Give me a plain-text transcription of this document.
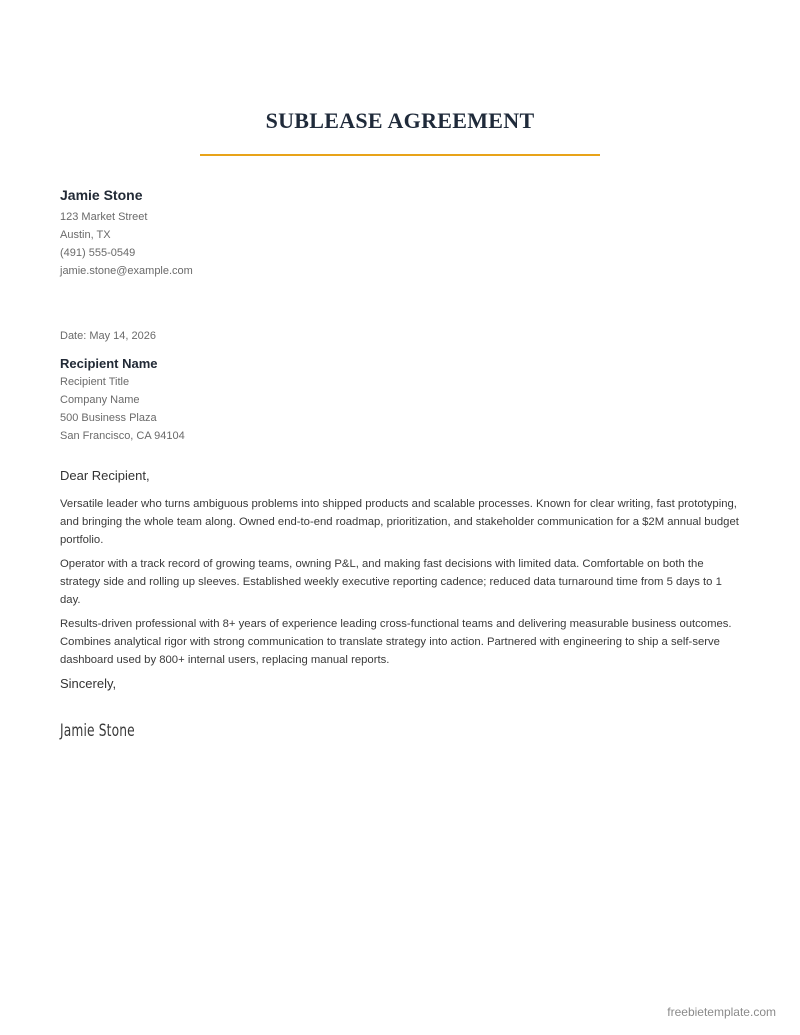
SUBLEASE AGREEMENT

Jamie Stone

123 Market Street

Austin, TX

(491) 555-0549

jamie.stone@example.com

Date: May 14, 2026

Recipient Name

Recipient Title

Company Name

500 Business Plaza

San Francisco, CA 94104

Dear Recipient,

Versatile leader who turns ambiguous problems into shipped products and scalable processes. Known for clear writing, fast prototyping, and bringing the whole team along. Owned end-to-end roadmap, prioritization, and stakeholder communication for a $2M annual budget portfolio.

Operator with a track record of growing teams, owning P&L, and making fast decisions with limited data. Comfortable on both the strategy side and rolling up sleeves. Established weekly executive reporting cadence; reduced data turnaround time from 5 days to 1 day.

Results-driven professional with 8+ years of experience leading cross-functional teams and delivering measurable business outcomes. Combines analytical rigor with strong communication to translate strategy into action. Partnered with engineering to ship a self-serve dashboard used by 800+ internal users, replacing manual reports.

Sincerely,

Jamie Stone

freebietemplate.com
